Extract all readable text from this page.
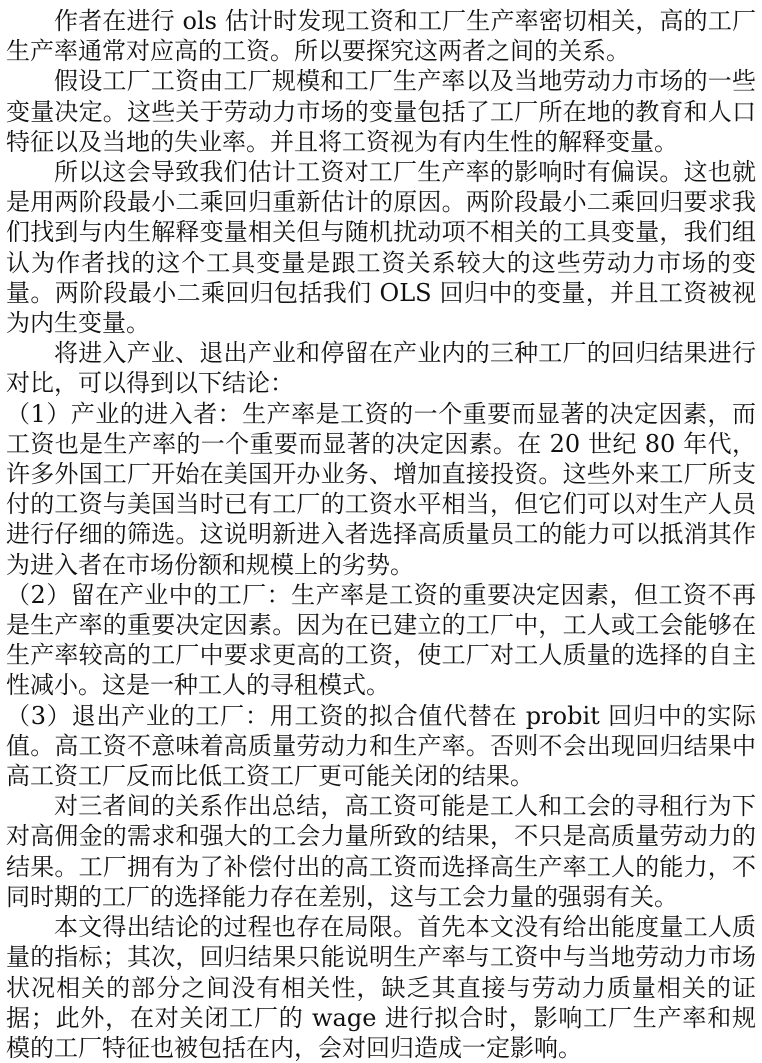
作者在进行 ols 估计时发现工资和工厂生产率密切相关，高的工厂生产率通常对应高的工资。所以要探究这两者之间的关系。

假设工厂工资由工厂规模和工厂生产率以及当地劳动力市场的一些变量决定。这些关于劳动力市场的变量包括了工厂所在地的教育和人口特征以及当地的失业率。并且将工资视为有内生性的解释变量。

所以这会导致我们估计工资对工厂生产率的影响时有偏误。这也就是用两阶段最小二乘回归重新估计的原因。两阶段最小二乘回归要求我们找到与内生解释变量相关但与随机扰动项不相关的工具变量，我们组认为作者找的这个工具变量是跟工资关系较大的这些劳动力市场的变量。两阶段最小二乘回归包括我们 OLS 回归中的变量，并且工资被视为内生变量。

将进入产业、退出产业和停留在产业内的三种工厂的回归结果进行对比，可以得到以下结论：

（1）产业的进入者：生产率是工资的一个重要而显著的决定因素，而工资也是生产率的一个重要而显著的决定因素。在 20 世纪 80 年代，许多外国工厂开始在美国开办业务、增加直接投资。这些外来工厂所支付的工资与美国当时已有工厂的工资水平相当，但它们可以对生产人员进行仔细的筛选。这说明新进入者选择高质量员工的能力可以抵消其作为进入者在市场份额和规模上的劣势。

（2）留在产业中的工厂：生产率是工资的重要决定因素，但工资不再是生产率的重要决定因素。因为在已建立的工厂中，工人或工会能够在生产率较高的工厂中要求更高的工资，使工厂对工人质量的选择的自主性减小。这是一种工人的寻租模式。

（3）退出产业的工厂：用工资的拟合值代替在 probit 回归中的实际值。高工资不意味着高质量劳动力和生产率。否则不会出现回归结果中高工资工厂反而比低工资工厂更可能关闭的结果。

对三者间的关系作出总结，高工资可能是工人和工会的寻租行为下对高佣金的需求和强大的工会力量所致的结果，不只是高质量劳动力的结果。工厂拥有为了补偿付出的高工资而选择高生产率工人的能力，不同时期的工厂的选择能力存在差别，这与工会力量的强弱有关。

本文得出结论的过程也存在局限。首先本文没有给出能度量工人质量的指标；其次，回归结果只能说明生产率与工资中与当地劳动力市场状况相关的部分之间没有相关性，缺乏其直接与劳动力质量相关的证据；此外，在对关闭工厂的 wage 进行拟合时，影响工厂生产率和规模的工厂特征也被包括在内，会对回归造成一定影响。
